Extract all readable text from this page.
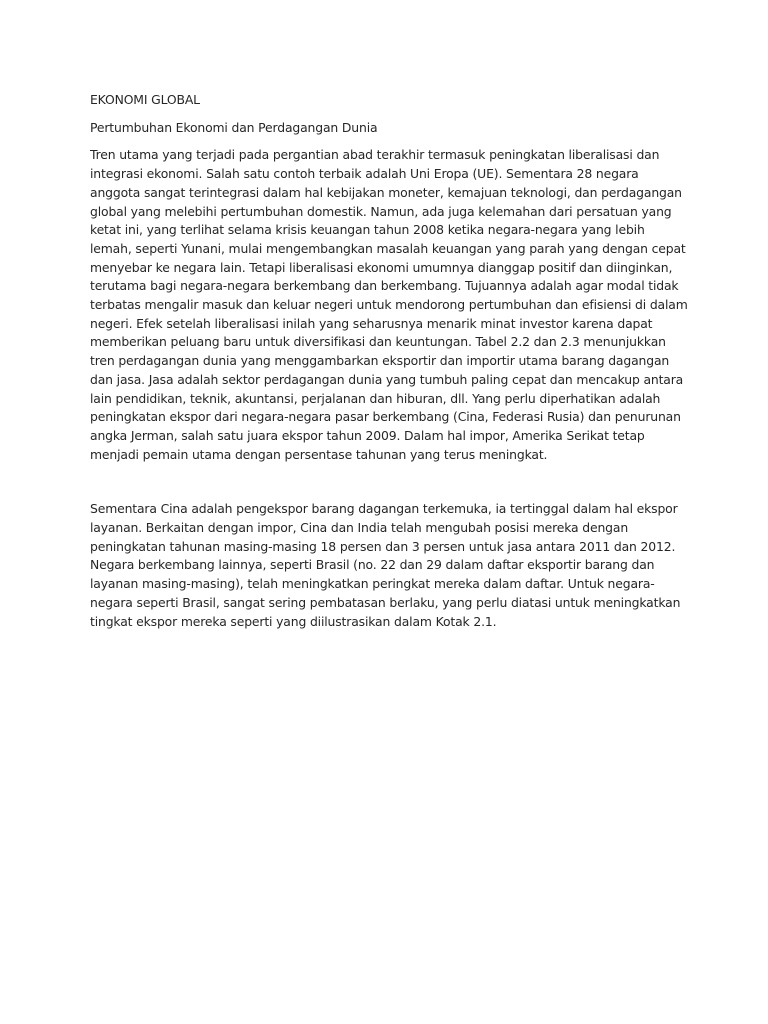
EKONOMI GLOBAL

Pertumbuhan Ekonomi dan Perdagangan Dunia

Tren utama yang terjadi pada pergantian abad terakhir termasuk peningkatan liberalisasi dan integrasi ekonomi. Salah satu contoh terbaik adalah Uni Eropa (UE). Sementara 28 negara anggota sangat terintegrasi dalam hal kebijakan moneter, kemajuan teknologi, dan perdagangan global yang melebihi pertumbuhan domestik. Namun, ada juga kelemahan dari persatuan yang ketat ini, yang terlihat selama krisis keuangan tahun 2008 ketika negara-negara yang lebih lemah, seperti Yunani, mulai mengembangkan masalah keuangan yang parah yang dengan cepat menyebar ke negara lain. Tetapi liberalisasi ekonomi umumnya dianggap positif dan diinginkan, terutama bagi negara-negara berkembang dan berkembang. Tujuannya adalah agar modal tidak terbatas mengalir masuk dan keluar negeri untuk mendorong pertumbuhan dan efisiensi di dalam negeri. Efek setelah liberalisasi inilah yang seharusnya menarik minat investor karena dapat memberikan peluang baru untuk diversifikasi dan keuntungan. Tabel 2.2 dan 2.3 menunjukkan tren perdagangan dunia yang menggambarkan eksportir dan importir utama barang dagangan dan jasa. Jasa adalah sektor perdagangan dunia yang tumbuh paling cepat dan mencakup antara lain pendidikan, teknik, akuntansi, perjalanan dan hiburan, dll. Yang perlu diperhatikan adalah peningkatan ekspor dari negara-negara pasar berkembang (Cina, Federasi Rusia) dan penurunan angka Jerman, salah satu juara ekspor tahun 2009. Dalam hal impor, Amerika Serikat tetap menjadi pemain utama dengan persentase tahunan yang terus meningkat.

Sementara Cina adalah pengekspor barang dagangan terkemuka, ia tertinggal dalam hal ekspor layanan. Berkaitan dengan impor, Cina dan India telah mengubah posisi mereka dengan peningkatan tahunan masing-masing 18 persen dan 3 persen untuk jasa antara 2011 dan 2012. Negara berkembang lainnya, seperti Brasil (no. 22 dan 29 dalam daftar eksportir barang dan layanan masing-masing), telah meningkatkan peringkat mereka dalam daftar. Untuk negara-negara seperti Brasil, sangat sering pembatasan berlaku, yang perlu diatasi untuk meningkatkan tingkat ekspor mereka seperti yang diilustrasikan dalam Kotak 2.1.
